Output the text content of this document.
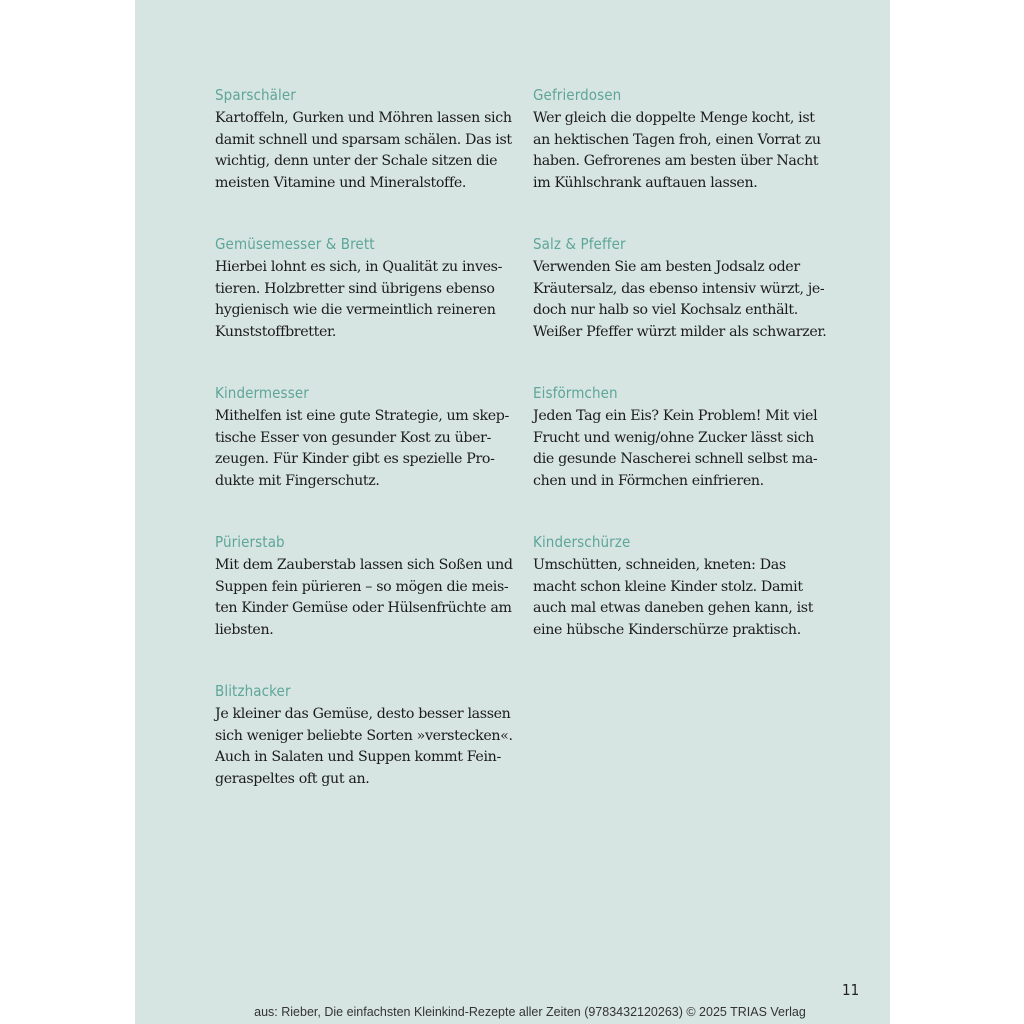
Sparschäler
Kartoffeln, Gurken und Möhren lassen sich
damit schnell und sparsam schälen. Das ist
wichtig, denn unter der Schale sitzen die
meisten Vitamine und Mineralstoffe.
Gemüsemesser & Brett
Hierbei lohnt es sich, in Qualität zu inves-
tieren. Holzbretter sind übrigens ebenso
hygienisch wie die vermeintlich reineren
Kunststoffbretter.
Kindermesser
Mithelfen ist eine gute Strategie, um skep-
tische Esser von gesunder Kost zu über-
zeugen. Für Kinder gibt es spezielle Pro-
dukte mit Fingerschutz.
Pürierstab
Mit dem Zauberstab lassen sich Soßen und
Suppen fein pürieren – so mögen die meis-
ten Kinder Gemüse oder Hülsenfrüchte am
liebsten.
Blitzhacker
Je kleiner das Gemüse, desto besser lassen
sich weniger beliebte Sorten »verstecken«.
Auch in Salaten und Suppen kommt Fein-
geraspeltes oft gut an.
Gefrierdosen
Wer gleich die doppelte Menge kocht, ist
an hektischen Tagen froh, einen Vorrat zu
haben. Gefrorenes am besten über Nacht
im Kühlschrank auftauen lassen.
Salz & Pfeffer
Verwenden Sie am besten Jodsalz oder
Kräutersalz, das ebenso intensiv würzt, je-
doch nur halb so viel Kochsalz enthält.
Weißer Pfeffer würzt milder als schwarzer.
Eisförmchen
Jeden Tag ein Eis? Kein Problem! Mit viel
Frucht und wenig/ohne Zucker lässt sich
die gesunde Nascherei schnell selbst ma-
chen und in Förmchen einfrieren.
Kinderschürze
Umschütten, schneiden, kneten: Das
macht schon kleine Kinder stolz. Damit
auch mal etwas daneben gehen kann, ist
eine hübsche Kinderschürze praktisch.
11
aus: Rieber, Die einfachsten Kleinkind-Rezepte aller Zeiten (9783432120263) © 2025 TRIAS Verlag
